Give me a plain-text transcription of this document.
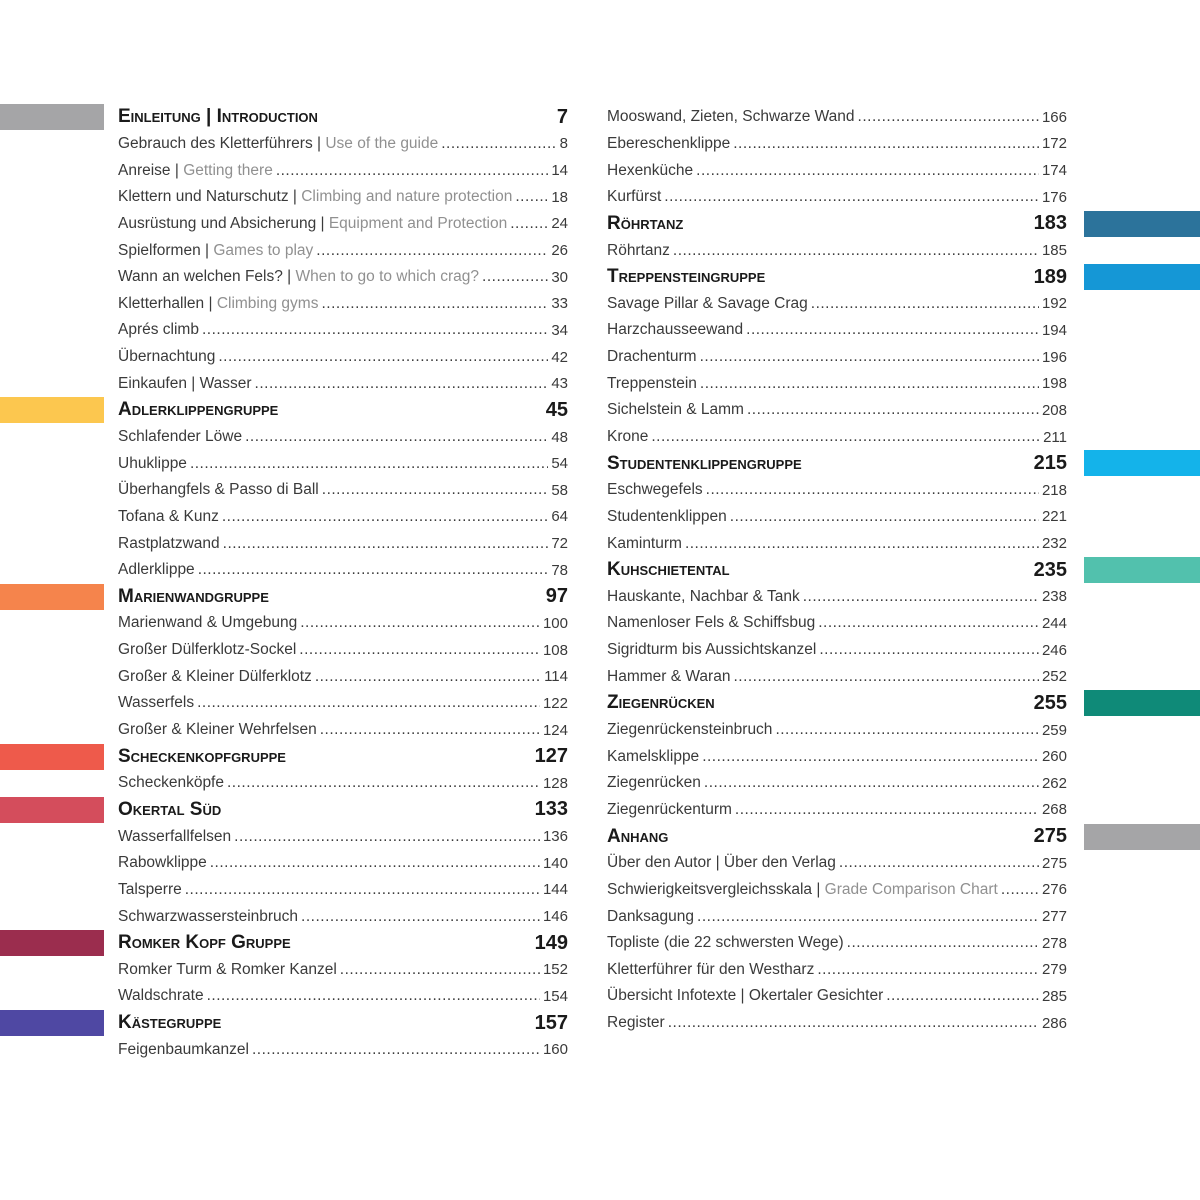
Einleitung | Introduction	7
Gebrauch des Kletterführers | Use of the guide .....	8
Anreise | Getting there .....	14
Klettern und Naturschutz | Climbing and nature protection .....	18
Ausrüstung und Absicherung | Equipment and Protection .....	24
Spielformen | Games to play .....	26
Wann an welchen Fels? | When to go to which crag? .....	30
Kletterhallen | Climbing gyms .....	33
Aprés climb .....	34
Übernachtung .....	42
Einkaufen | Wasser .....	43
Adlerklippengruppe	45
Schlafender Löwe .....	48
Uhuklippe .....	54
Überhangfels & Passo di Ball .....	58
Tofana & Kunz .....	64
Rastplatzwand .....	72
Adlerklippe .....	78
Marienwandgruppe	97
Marienwand & Umgebung .....	100
Großer Dülferklotz-Sockel .....	108
Großer & Kleiner Dülferklotz .....	114
Wasserfels .....	122
Großer & Kleiner Wehrfelsen .....	124
Scheckenkopfgruppe	127
Scheckenköpfe .....	128
Okertal Süd	133
Wasserfallfelsen .....	136
Rabowklippe .....	140
Talsperre .....	144
Schwarzwassersteinbruch .....	146
Romker Kopf Gruppe	149
Romker Turm & Romker Kanzel .....	152
Waldschrate .....	154
Kästegruppe	157
Feigenbaumkanzel .....	160
Mooswand, Zieten, Schwarze Wand .....	166
Ebereschenklippe .....	172
Hexenküche .....	174
Kurfürst .....	176
Röhrtanz	183
Röhrtanz .....	185
Treppensteingruppe	189
Savage Pillar & Savage Crag .....	192
Harzchausseewand .....	194
Drachenturm .....	196
Treppenstein .....	198
Sichelstein & Lamm .....	208
Krone .....	211
Studentenklippengruppe	215
Eschwegefels .....	218
Studentenklippen .....	221
Kaminturm .....	232
Kuhschietental	235
Hauskante, Nachbar & Tank .....	238
Namenloser Fels & Schiffsbug .....	244
Sigridturm bis Aussichtskanzel .....	246
Hammer & Waran .....	252
Ziegenrücken	255
Ziegenrückensteinbruch .....	259
Kamelsklippe .....	260
Ziegenrücken .....	262
Ziegenrückenturm .....	268
Anhang	275
Über den Autor | Über den Verlag .....	275
Schwierigkeitsvergleichsskala | Grade Comparison Chart .....	276
Danksagung .....	277
Topliste (die 22 schwersten Wege) .....	278
Kletterführer für den Westharz .....	279
Übersicht Infotexte | Okertaler Gesichter .....	285
Register .....	286
